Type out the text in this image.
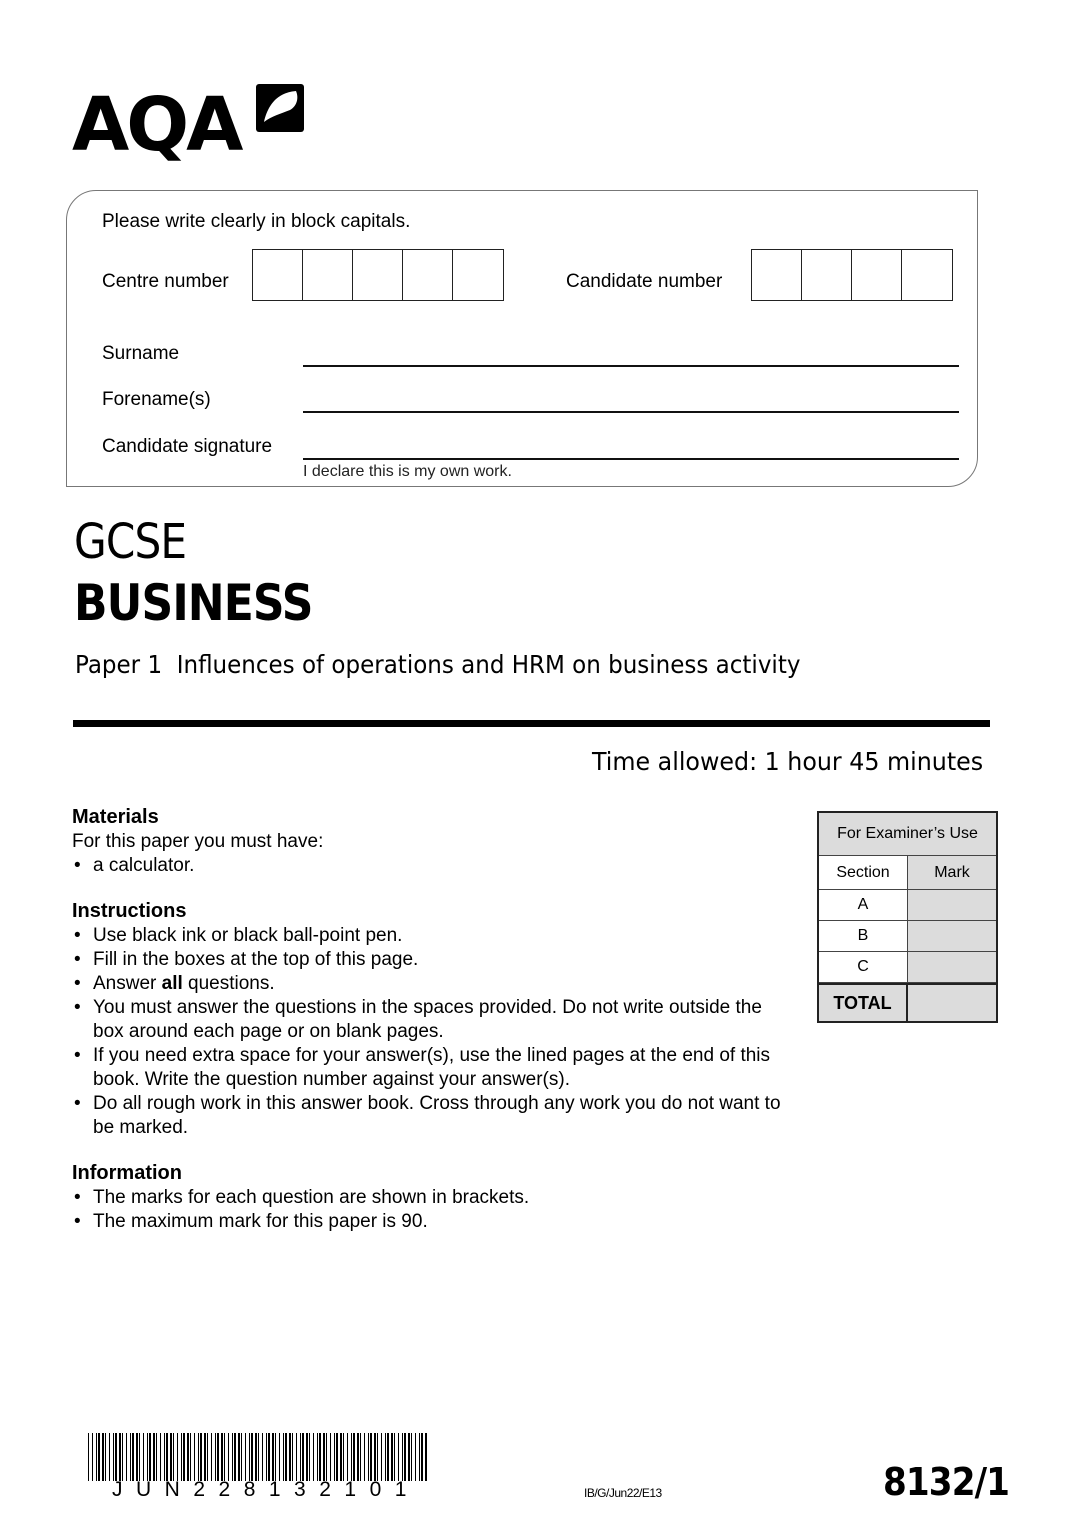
AQA
Please write clearly in block capitals.
Centre number	Candidate number
Surname
Forename(s)
Candidate signature
I declare this is my own work.
GCSE
BUSINESS
Paper 1  Influences of operations and HRM on business activity
Time allowed: 1 hour 45 minutes
Materials

For this paper you must have:

• a calculator.
Instructions
• Use black ink or black ball-point pen.
• Fill in the boxes at the top of this page.
• Answer all questions.
• You must answer the questions in the spaces provided. Do not write outside the box around each page or on blank pages.
• If you need extra space for your answer(s), use the lined pages at the end of this book. Write the question number against your answer(s).
• Do all rough work in this answer book. Cross through any work you do not want to be marked.
Information
• The marks for each question are shown in brackets.
• The maximum mark for this paper is 90.
For Examiner’s Use
Section	Mark
A
B
C
TOTAL
JUN228132101	IB/G/Jun22/E13	8132/1
